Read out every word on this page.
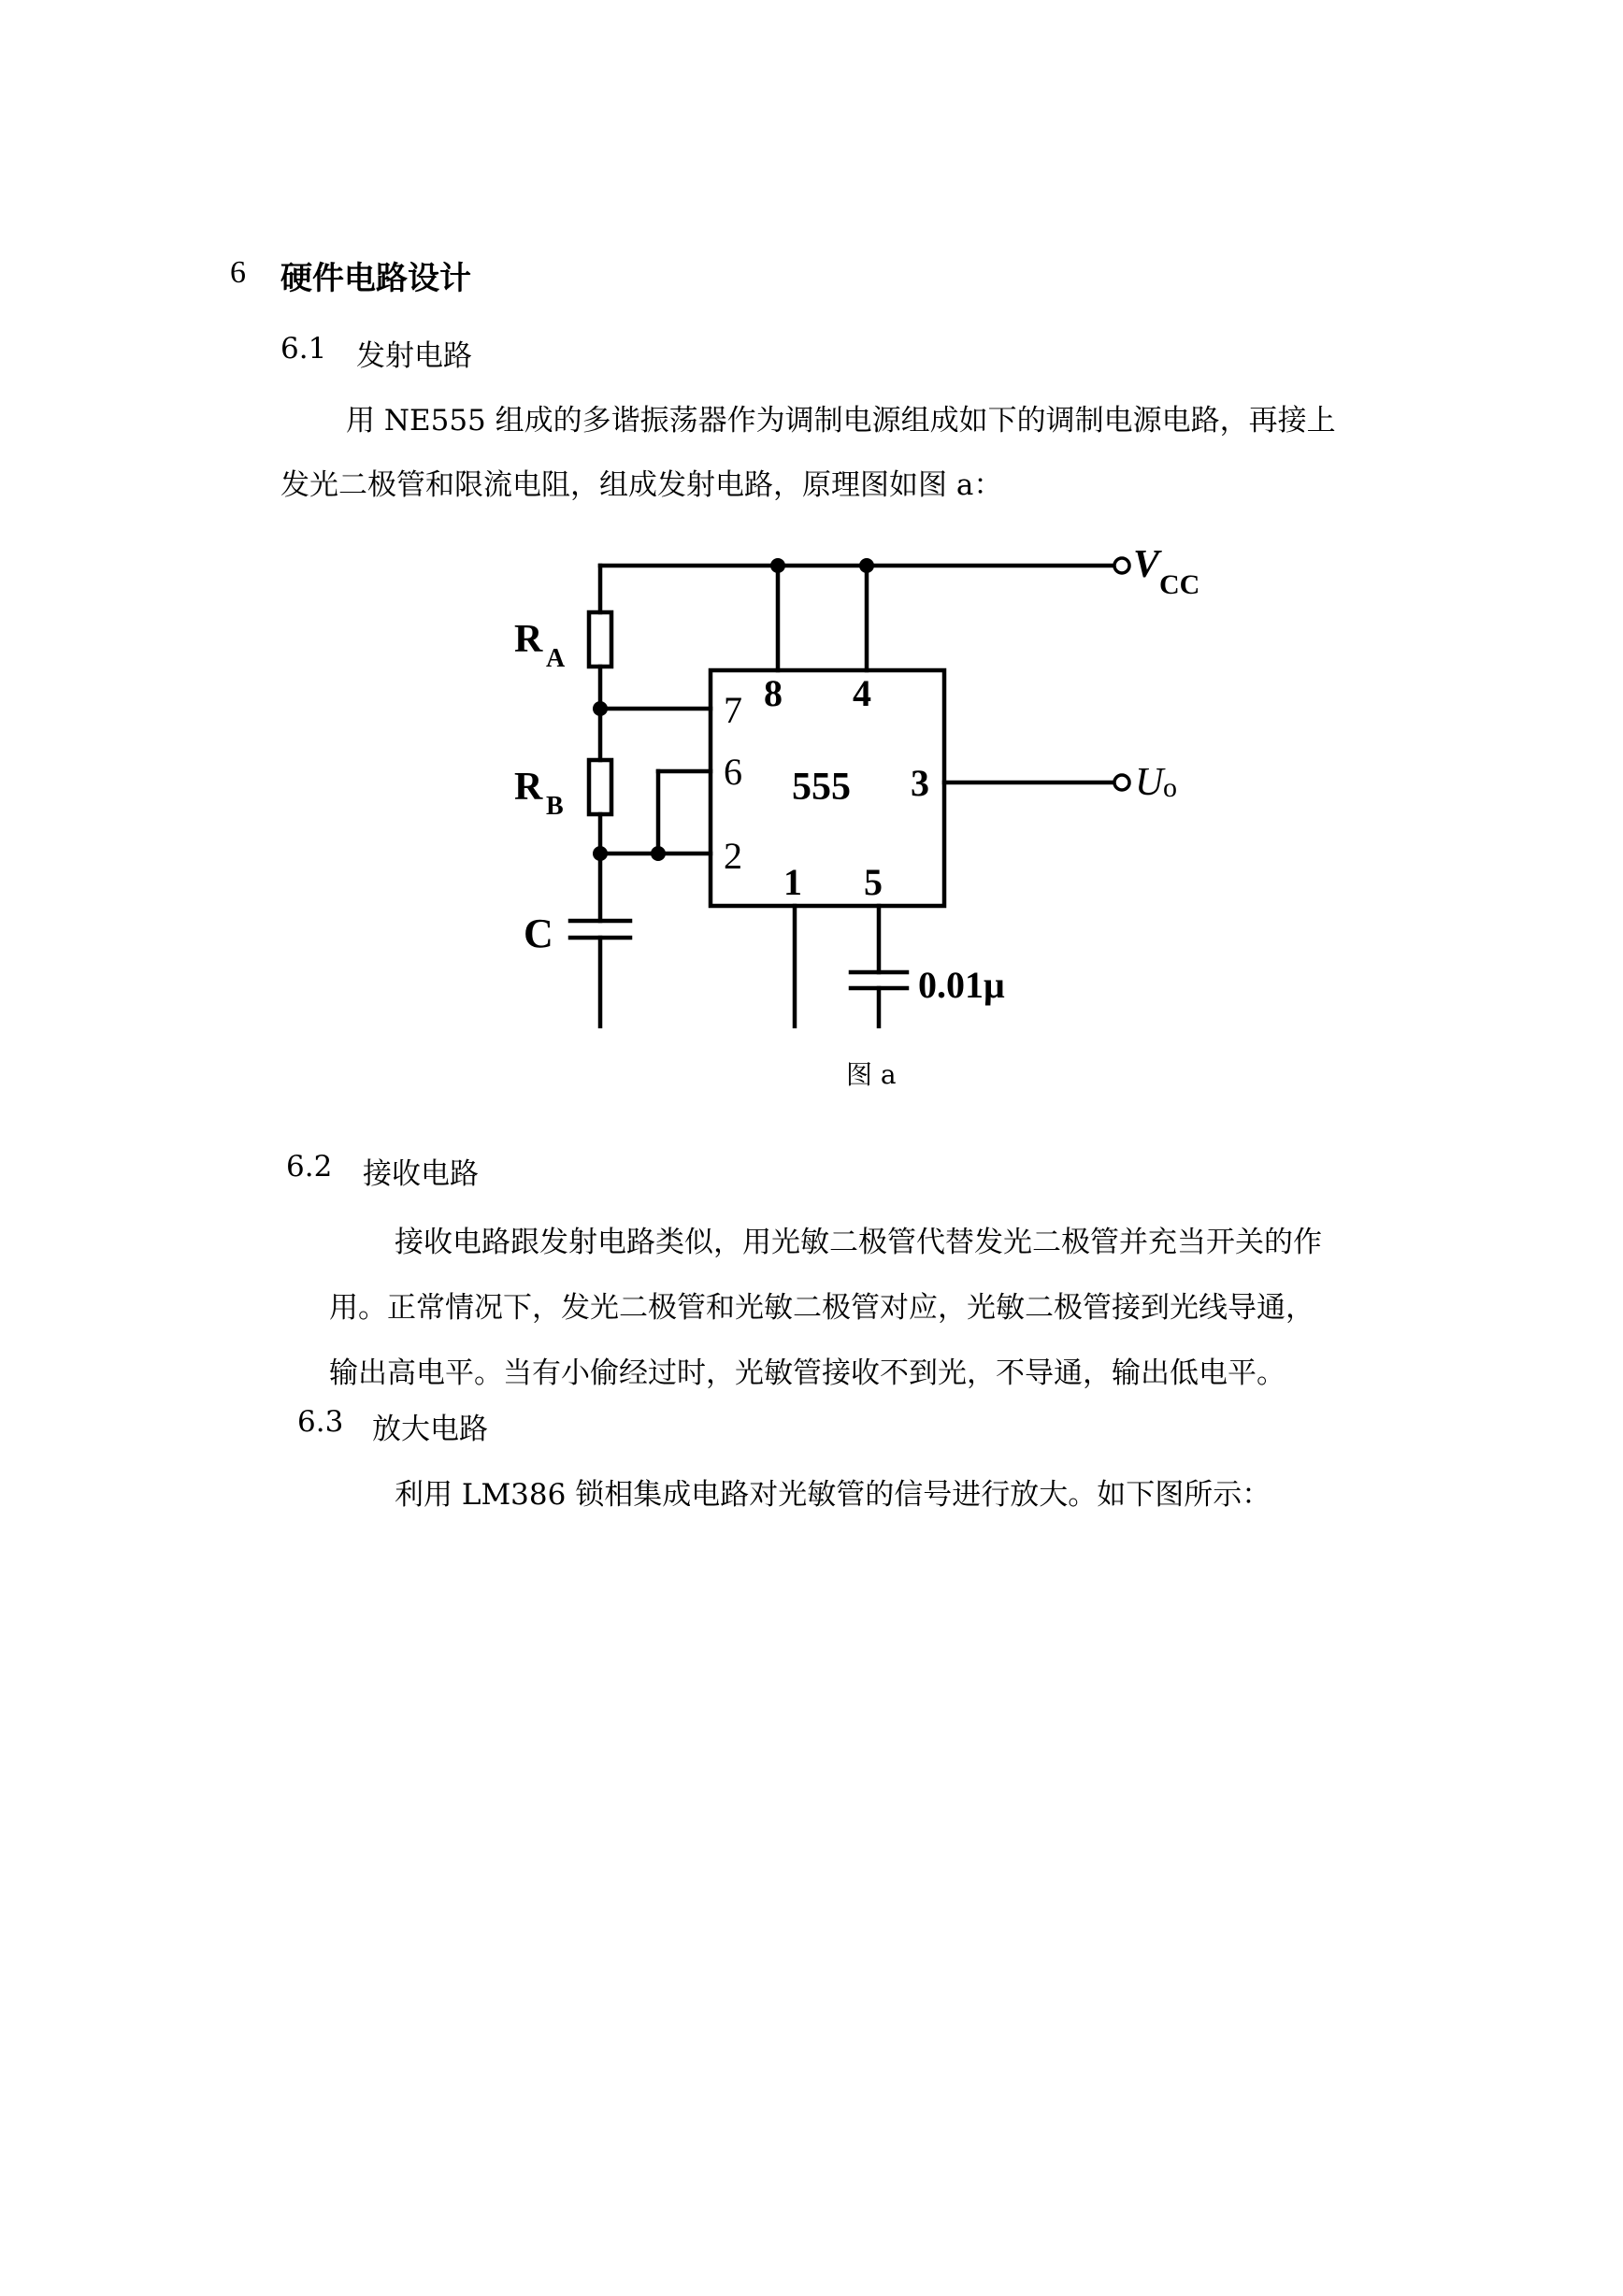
6 硬件电路设计
6.1 发射电路
用 NE555 组成的多谐振荡器作为调制电源组成如下的调制电源电路，再接上
发光二极管和限流电阻，组成发射电路，原理图如图 a：
V CC
R A
R B
C
7 8 4
6 555 3
2
1 5
U o
0.01μ
图 a
6.2 接收电路
接收电路跟发射电路类似，用光敏二极管代替发光二极管并充当开关的作
用。正常情况下，发光二极管和光敏二极管对应，光敏二极管接到光线导通，
输出高电平。当有小偷经过时，光敏管接收不到光，不导通，输出低电平。
6.3 放大电路
利用 LM386 锁相集成电路对光敏管的信号进行放大。如下图所示：
